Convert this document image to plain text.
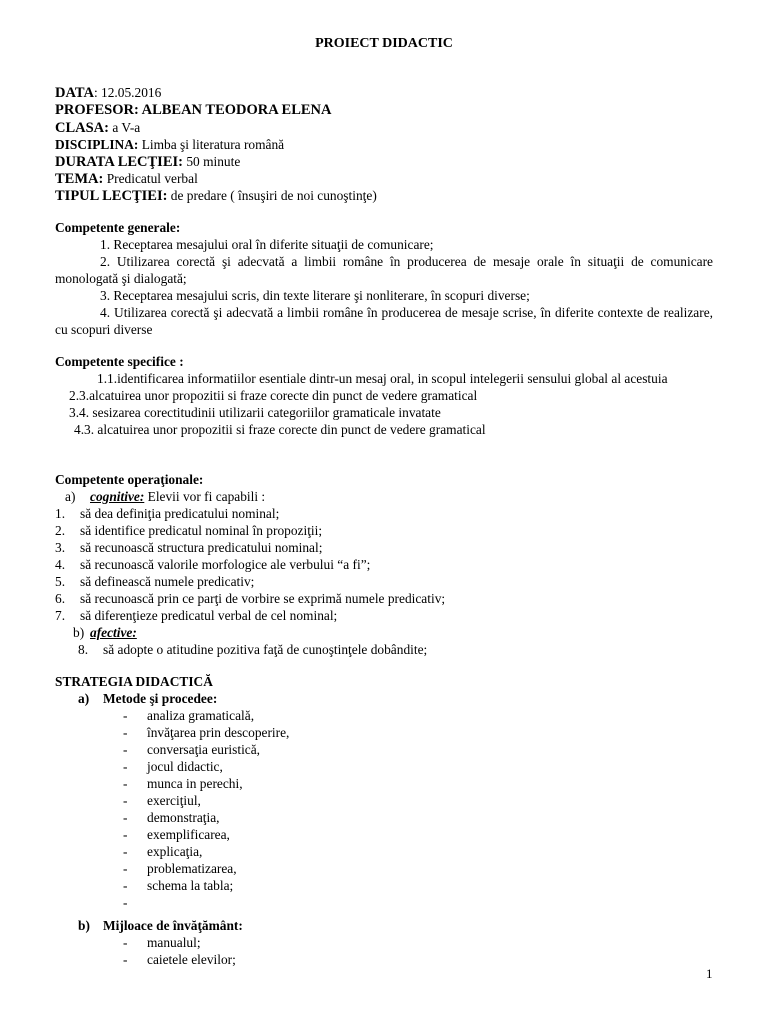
PROIECT DIDACTIC
DATA: 12.05.2016
PROFESOR: ALBEAN TEODORA ELENA
CLASA: a V-a
DISCIPLINA: Limba şi literatura română
DURATA LECŢIEI: 50 minute
TEMA: Predicatul verbal
TIPUL LECŢIEI: de predare ( însuşiri de noi cunoştinţe)
Competente generale:
1. Receptarea mesajului oral în diferite situaţii de comunicare;
2. Utilizarea corectă şi adecvată a limbii române în producerea de mesaje orale în situaţii de comunicare monologată şi dialogată;
3. Receptarea mesajului scris, din texte literare şi nonliterare, în scopuri diverse;
4. Utilizarea corectă şi adecvată a limbii române în producerea de mesaje scrise, în diferite contexte de realizare, cu scopuri diverse
Competente specifice :
1.1.identificarea informatiilor esentiale dintr-un mesaj oral, in scopul intelegerii sensului global al acestuia
2.3.alcatuirea unor propozitii si fraze corecte din punct de vedere gramatical
3.4. sesizarea corectitudinii utilizarii categoriilor gramaticale invatate
4.3. alcatuirea unor propozitii si fraze corecte din punct de vedere gramatical
Competente operaţionale:
a) cognitive: Elevii vor fi capabili :
1. să dea definiţia predicatului nominal;
2. să identifice predicatul nominal în propoziţii;
3. să recunoască structura predicatului nominal;
4. să recunoască valorile morfologice ale verbului “a fi”;
5. să definească numele predicativ;
6. să recunoască prin ce parţi de vorbire se exprimă numele predicativ;
7. să diferenţieze predicatul verbal de cel nominal;
b) afective:
8. să adopte o atitudine pozitiva faţă de cunoştinţele dobândite;
STRATEGIA DIDACTICĂ
a) Metode şi procedee:
- analiza gramaticală,
- învăţarea prin descoperire,
- conversaţia euristică,
- jocul didactic,
- munca in perechi,
- exerciţiul,
- demonstraţia,
- exemplificarea,
- explicaţia,
- problematizarea,
- schema la tabla;
-
b) Mijloace de învăţământ:
- manualul;
- caietele elevilor;
1
